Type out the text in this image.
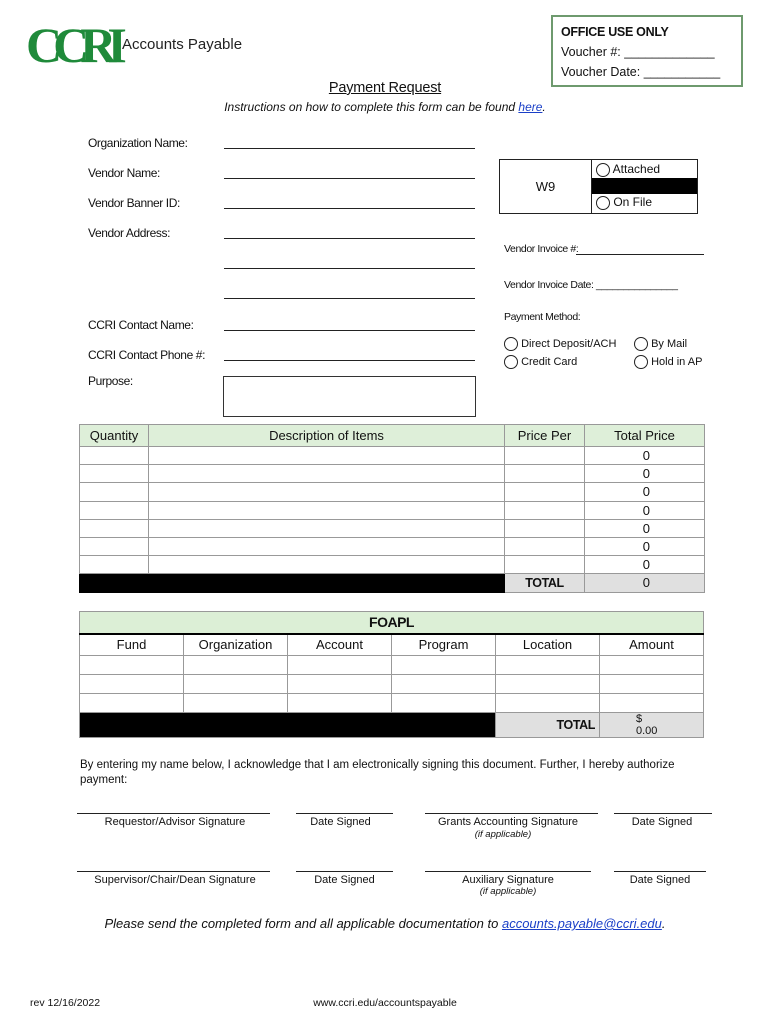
CCRI Accounts Payable
OFFICE USE ONLY
Voucher #: _____________
Voucher Date: ___________
Payment Request
Instructions on how to complete this form can be found here.
Organization Name:
Vendor Name:
Vendor Banner ID:
Vendor Address:
CCRI Contact Name:
CCRI Contact Phone #:
Purpose:
W9
Attached
On File
Vendor Invoice #:
Vendor Invoice Date: _______________
Payment Method:
Direct Deposit/ACH
Credit Card
By Mail
Hold in AP
Quantity	Description of Items	Price Per	Total Price
			0
			0
			0
			0
			0
			0
			0
		TOTAL	0
FOAPL					
Fund	Organization	Account	Program	Location	Amount

				TOTAL	$ 0.00
By entering my name below, I acknowledge that I am electronically signing this document. Further, I hereby authorize payment:
Requestor/Advisor Signature	Date Signed	Grants Accounting Signature
(if applicable)
Date Signed
Supervisor/Chair/Dean Signature	Date Signed	Auxiliary Signature
(if applicable)
Date Signed
Please send the completed form and all applicable documentation to accounts.payable@ccri.edu.
rev 12/16/2022	www.ccri.edu/accountspayable
